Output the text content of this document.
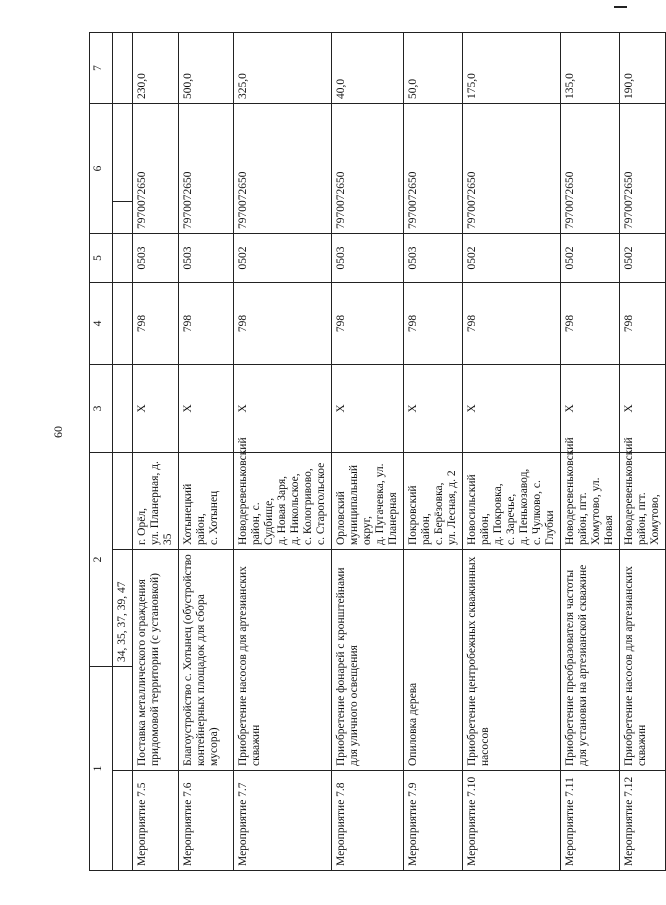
60
1		2		3	4	5	6		7
		34, 35, 37, 39, 47							
Мероприятие 7.5	Поставка металлического ограждения придомовой территории (с установкой)		г. Орёл,
ул. Планерная, д. 35	X	798	0503	7970072650		230,0
Мероприятие 7.6	Благоустройство с. Хотынец (обустройство контейнерных площадок для сбора мусора)		Хотынецкий район,
с. Хотынец	X	798	0503	7970072650		500,0
Мероприятие 7.7	Приобретение насосов для артезианских скважин		Новодеревеньковский район, с. Судбище,
д. Новая Заря,
д. Никольское,
с. Кологривово,
с. Старогольское	X	798	0502	7970072650		325,0
Мероприятие 7.8	Приобретение фонарей с кронштейнами для уличного освещения		Орловский муниципальный округ,
д. Пугачевка, ул. Планерная	X	798	0503	7970072650		40,0
Мероприятие 7.9	Опиловка дерева		Покровский район,
с. Берёзовка,
ул. Лесная, д. 2	X	798	0503	7970072650		50,0
Мероприятие 7.10	Приобретение центробежных скважинных насосов		Новосильский район,
д. Покровка,
с. Заречье,
д. Пенькозавод,
с. Чулково, с. Глубки	X	798	0502	7970072650		175,0
Мероприятие 7.11	Приобретение преобразователя частоты для установки на артезианской скважине		Новодеревеньковский район, пгт. Хомутово, ул. Новая	X	798	0502	7970072650		135,0
Мероприятие 7.12	Приобретение насосов для артезианских скважин		Новодеревеньковский район, пгт. Хомутово,	X	798	0502	7970072650		190,0
